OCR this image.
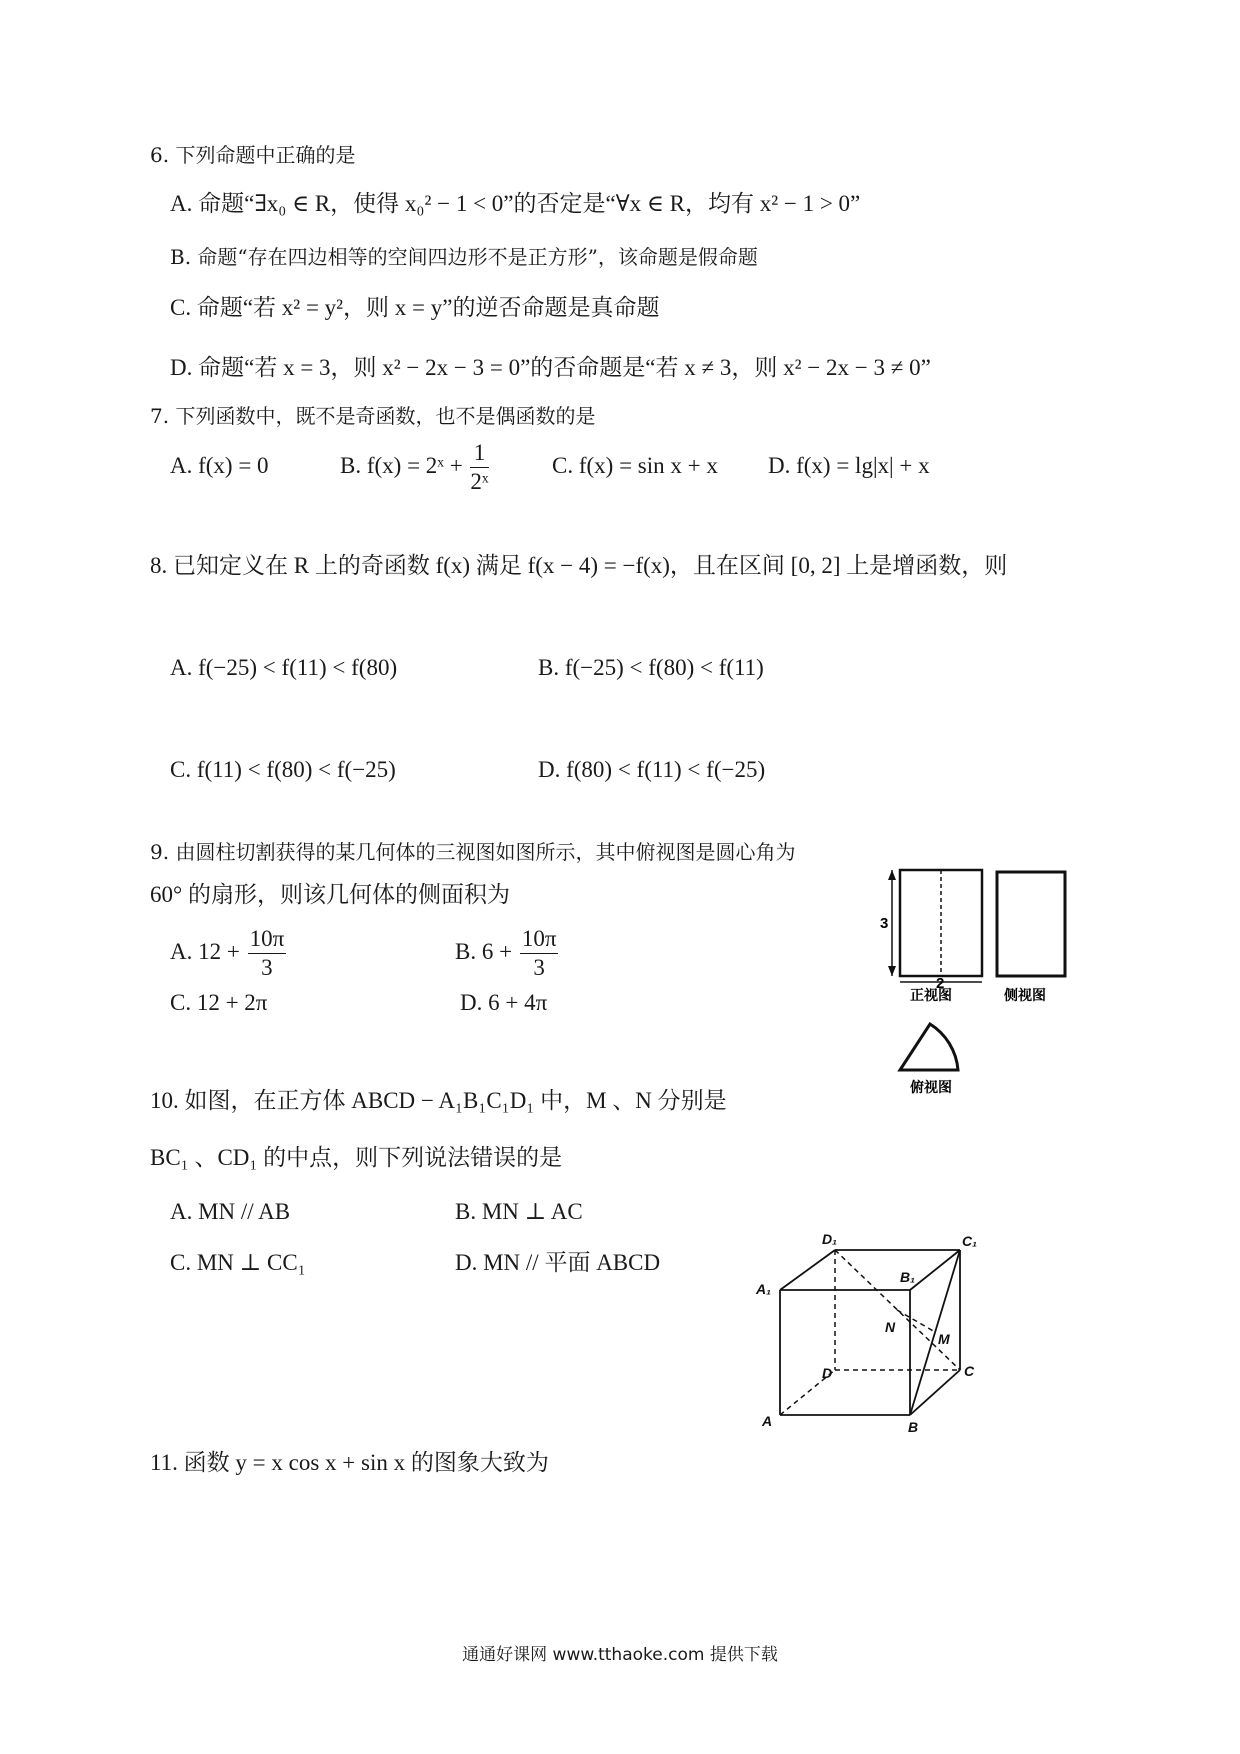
6. 下列命题中正确的是
A. 命题“∃x₀ ∈ R，使得 x₀² − 1 < 0”的否定是“∀x ∈ R，均有 x² − 1 > 0”
B. 命题“存在四边相等的空间四边形不是正方形”，该命题是假命题
C. 命题“若 x² = y²，则 x = y”的逆否命题是真命题
D. 命题“若 x = 3，则 x² − 2x − 3 = 0”的否命题是“若 x ≠ 3，则 x² − 2x − 3 ≠ 0”
7. 下列函数中，既不是奇函数，也不是偶函数的是
A. f(x) = 0	B. f(x) = 2ˣ + $\frac{1}{\text{2ˣ}}$	C. f(x) = sin x + x D. f(x) = lg|x| + x
8. 已知定义在 R 上的奇函数 f(x) 满足 f(x − 4) = −f(x)，且在区间 [0, 2] 上是增函数，则
A. f(−25) < f(11) < f(80)	B. f(−25) < f(80) < f(11)
C. f(11) < f(80) < f(−25)	D. f(80) < f(11) < f(−25)
9. 由圆柱切割获得的某几何体的三视图如图所示，其中俯视图是圆心角为
60° 的扇形，则该几何体的侧面积为
A. $12 + \frac{10\pi}{3}$	B. $6 + \frac{10\pi}{3}$
C. 12 + 2π	D. 6 + 4π
3
2
正视图	侧视图
俯视图
10. 如图，在正方体 ABCD − A₁B₁C₁D₁ 中，M 、N 分别是
BC₁ 、CD₁ 的中点，则下列说法错误的是
A. MN // AB	B. MN ⊥ AC
C. MN ⊥ CC₁	D. MN // 平面 ABCD
D₁	C₁
A₁
B₁
N
M
D	C
A	B
11. 函数 y = x cos x + sin x 的图象大致为
通通好课网 www.tthaoke.com 提供下载
